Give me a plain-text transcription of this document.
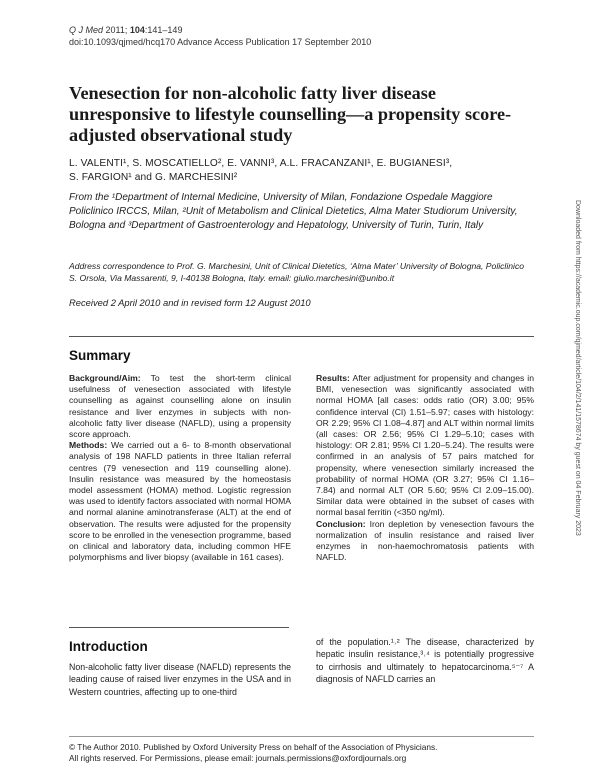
Q J Med 2011; 104:141–149
doi:10.1093/qjmed/hcq170 Advance Access Publication 17 September 2010
Venesection for non-alcoholic fatty liver disease unresponsive to lifestyle counselling—a propensity score-adjusted observational study
L. VALENTI¹, S. MOSCATIELLO², E. VANNI³, A.L. FRACANZANI¹, E. BUGIANESI³,
S. FARGION¹ and G. MARCHESINI²
From the ¹Department of Internal Medicine, University of Milan, Fondazione Ospedale Maggiore Policlinico IRCCS, Milan, ²Unit of Metabolism and Clinical Dietetics, Alma Mater Studiorum University, Bologna and ³Department of Gastroenterology and Hepatology, University of Turin, Turin, Italy
Address correspondence to Prof. G. Marchesini, Unit of Clinical Dietetics, ‘Alma Mater’ University of Bologna, Policlinico S. Orsola, Via Massarenti, 9, I-40138 Bologna, Italy. email: giulio.marchesini@unibo.it
Received 2 April 2010 and in revised form 12 August 2010
Summary
Background/Aim: To test the short-term clinical usefulness of venesection associated with lifestyle counselling as against counselling alone on insulin resistance and liver enzymes in subjects with non-alcoholic fatty liver disease (NAFLD), using a propensity score approach.
Methods: We carried out a 6- to 8-month observational analysis of 198 NAFLD patients in three Italian referral centres (79 venesection and 119 counselling alone). Insulin resistance was measured by the homeostasis model assessment (HOMA) method. Logistic regression was used to identify factors associated with normal HOMA and normal alanine aminotransferase (ALT) at the end of observation. The results were adjusted for the propensity score to be enrolled in the venesection programme, based on clinical and laboratory data, including common HFE polymorphisms and liver biopsy (available in 161 cases).
Results: After adjustment for propensity and changes in BMI, venesection was significantly associated with normal HOMA [all cases: odds ratio (OR) 3.00; 95% confidence interval (CI) 1.51–5.97; cases with histology: OR 2.29; 95% CI 1.08–4.87] and ALT within normal limits (all cases: OR 2.56; 95% CI 1.29–5.10; cases with histology: OR 2.81; 95% CI 1.20–5.24). The results were confirmed in an analysis of 57 pairs matched for propensity, where venesection similarly increased the probability of normal HOMA (OR 3.27; 95% CI 1.16–7.84) and normal ALT (OR 5.60; 95% CI 2.09–15.00). Similar data were obtained in the subset of cases with normal basal ferritin (<350 ng/ml).
Conclusion: Iron depletion by venesection favours the normalization of insulin resistance and raised liver enzymes in non-haemochromatosis patients with NAFLD.
Introduction
Non-alcoholic fatty liver disease (NAFLD) represents the leading cause of raised liver enzymes in the USA and in Western countries, affecting up to one-third
of the population.¹˒² The disease, characterized by hepatic insulin resistance,³˒⁴ is potentially progressive to cirrhosis and ultimately to hepatocarcinoma.⁵⁻⁷ A diagnosis of NAFLD carries an
© The Author 2010. Published by Oxford University Press on behalf of the Association of Physicians.
All rights reserved. For Permissions, please email: journals.permissions@oxfordjournals.org
Downloaded from https://academic.oup.com/qjmed/article/104/2/141/1578674 by guest on 04 February 2023
